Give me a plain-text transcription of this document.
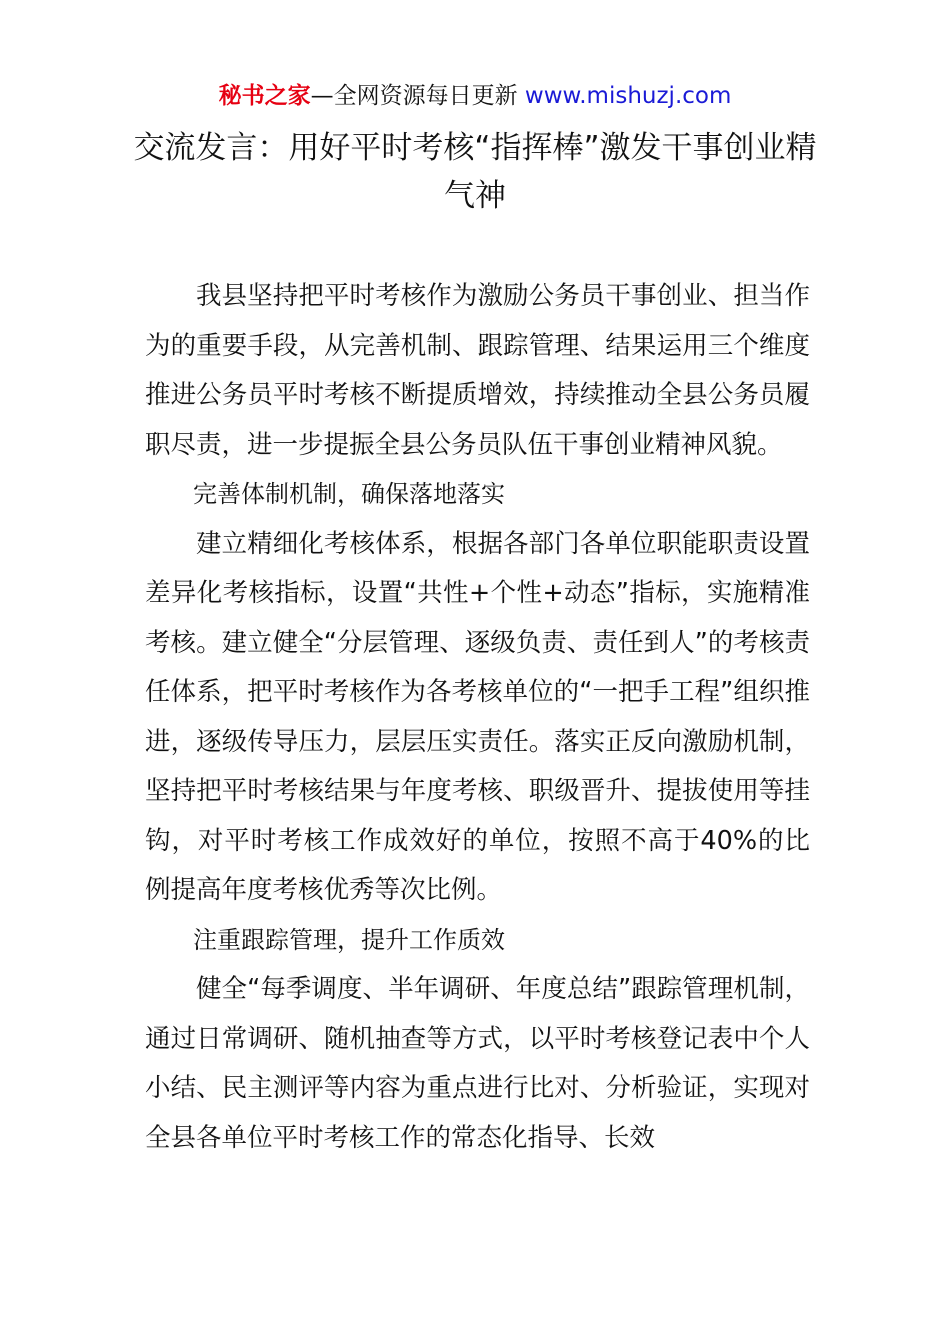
秘书之家—全网资源每日更新 www.mishuzj.com
交流发言：用好平时考核“指挥棒”激发干事创业精气神

我县坚持把平时考核作为激励公务员干事创业、担当作为的重要手段，从完善机制、跟踪管理、结果运用三个维度推进公务员平时考核不断提质增效，持续推动全县公务员履职尽责，进一步提振全县公务员队伍干事创业精神风貌。

完善体制机制，确保落地落实

建立精细化考核体系，根据各部门各单位职能职责设置差异化考核指标，设置“共性+个性+动态”指标，实施精准考核。建立健全“分层管理、逐级负责、责任到人”的考核责任体系，把平时考核作为各考核单位的“一把手工程”组织推进，逐级传导压力，层层压实责任。落实正反向激励机制，坚持把平时考核结果与年度考核、职级晋升、提拔使用等挂钩，对平时考核工作成效好的单位，按照不高于40%的比例提高年度考核优秀等次比例。

注重跟踪管理，提升工作质效

健全“每季调度、半年调研、年度总结”跟踪管理机制，通过日常调研、随机抽查等方式，以平时考核登记表中个人小结、民主测评等内容为重点进行比对、分析验证，实现对全县各单位平时考核工作的常态化指导、长效
